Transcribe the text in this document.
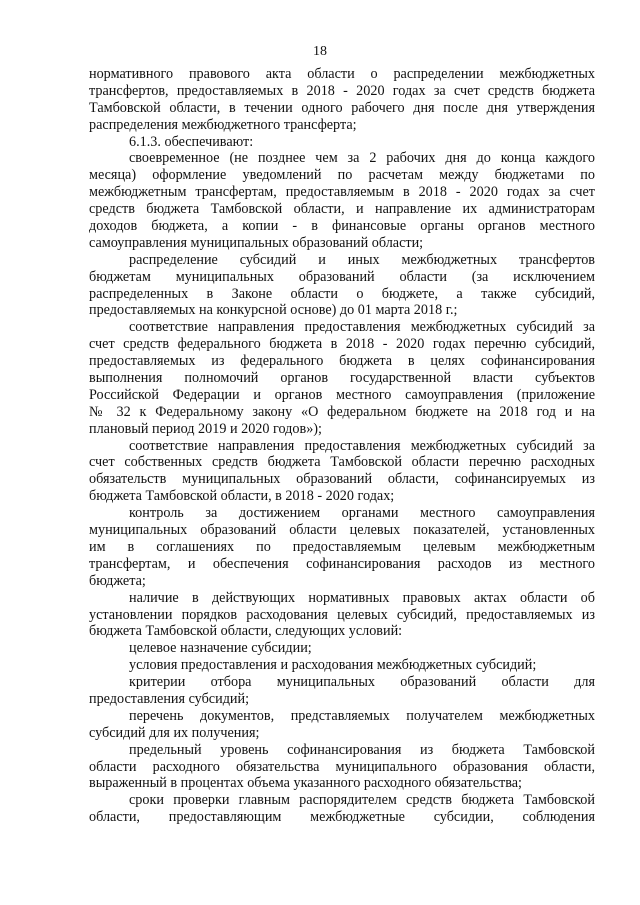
18
нормативного правового акта области о распределении межбюджетных
трансфертов, предоставляемых в 2018 - 2020 годах за счет средств бюджета
Тамбовской области, в течении одного рабочего дня после дня утверждения
распределения межбюджетного трансферта;
6.1.3. обеспечивают:
своевременное (не позднее чем за 2 рабочих дня до конца каждого
месяца) оформление уведомлений по расчетам между бюджетами по
межбюджетным трансфертам, предоставляемым в 2018 - 2020 годах за счет
средств бюджета Тамбовской области, и направление их администраторам
доходов бюджета, а копии - в финансовые органы органов местного
самоуправления муниципальных образований области;
распределение субсидий и иных межбюджетных трансфертов
бюджетам муниципальных образований области (за исключением
распределенных в Законе области о бюджете, а также субсидий,
предоставляемых на конкурсной основе) до 01 марта 2018 г.;
соответствие направления предоставления межбюджетных субсидий за
счет средств федерального бюджета в 2018 - 2020 годах перечню субсидий,
предоставляемых из федерального бюджета в целях софинансирования
выполнения полномочий органов государственной власти субъектов
Российской Федерации и органов местного самоуправления (приложение
№ 32 к Федеральному закону «О федеральном бюджете на 2018 год и на
плановый период 2019 и 2020 годов»);
соответствие направления предоставления межбюджетных субсидий за
счет собственных средств бюджета Тамбовской области перечню расходных
обязательств муниципальных образований области, софинансируемых из
бюджета Тамбовской области, в 2018 - 2020 годах;
контроль за достижением органами местного самоуправления
муниципальных образований области целевых показателей, установленных
им в соглашениях по предоставляемым целевым межбюджетным
трансфертам, и обеспечения софинансирования расходов из местного
бюджета;
наличие в действующих нормативных правовых актах области об
установлении порядков расходования целевых субсидий, предоставляемых из
бюджета Тамбовской области, следующих условий:
целевое назначение субсидии;
условия предоставления и расходования межбюджетных субсидий;
критерии отбора муниципальных образований области для
предоставления субсидий;
перечень документов, представляемых получателем межбюджетных
субсидий для их получения;
предельный уровень софинансирования из бюджета Тамбовской
области расходного обязательства муниципального образования области,
выраженный в процентах объема указанного расходного обязательства;
сроки проверки главным распорядителем средств бюджета Тамбовской
области, предоставляющим межбюджетные субсидии, соблюдения
